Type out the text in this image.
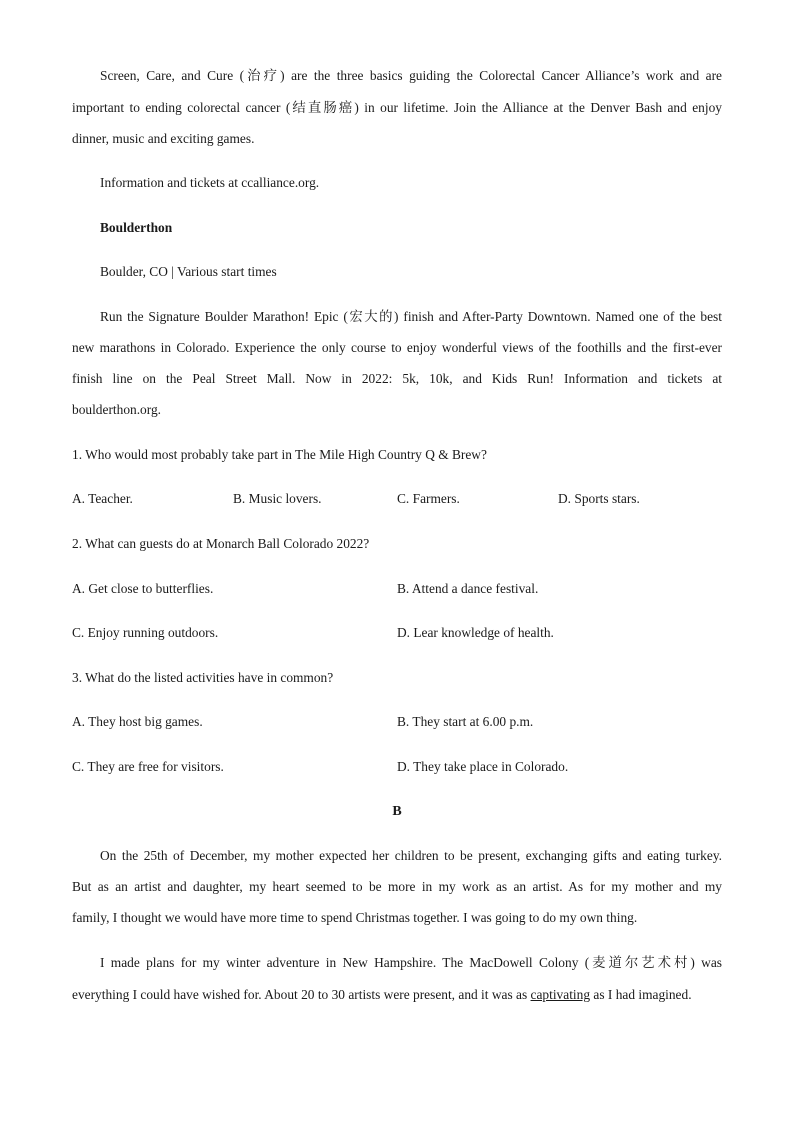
Screen, Care, and Cure (治疗) are the three basics guiding the Colorectal Cancer Alliance’s work and are
important to ending colorectal cancer (结直肠癌) in our lifetime. Join the Alliance at the Denver Bash and enjoy
dinner, music and exciting games.
Information and tickets at ccalliance.org.
Boulderthon
Boulder, CO | Various start times
Run the Signature Boulder Marathon! Epic (宏大的) finish and After-Party Downtown. Named one of the best
new marathons in Colorado. Experience the only course to enjoy wonderful views of the foothills and the first-ever
finish line on the Peal Street Mall. Now in 2022: 5k, 10k, and Kids Run! Information and tickets at
boulderthon.org.
1. Who would most probably take part in The Mile High Country Q & Brew?
A. Teacher.	B. Music lovers.	C. Farmers.	D. Sports stars.
2. What can guests do at Monarch Ball Colorado 2022?
A. Get close to butterflies.	B. Attend a dance festival.
C. Enjoy running outdoors.	D. Lear knowledge of health.
3. What do the listed activities have in common?
A. They host big games.	B. They start at 6.00 p.m.
C. They are free for visitors.	D. They take place in Colorado.
B
On the 25th of December, my mother expected her children to be present, exchanging gifts and eating turkey.
But as an artist and daughter, my heart seemed to be more in my work as an artist. As for my mother and my
family, I thought we would have more time to spend Christmas together. I was going to do my own thing.
I made plans for my winter adventure in New Hampshire. The MacDowell Colony (麦道尔艺术村) was
everything I could have wished for. About 20 to 30 artists were present, and it was as captivating as I had imagined.
